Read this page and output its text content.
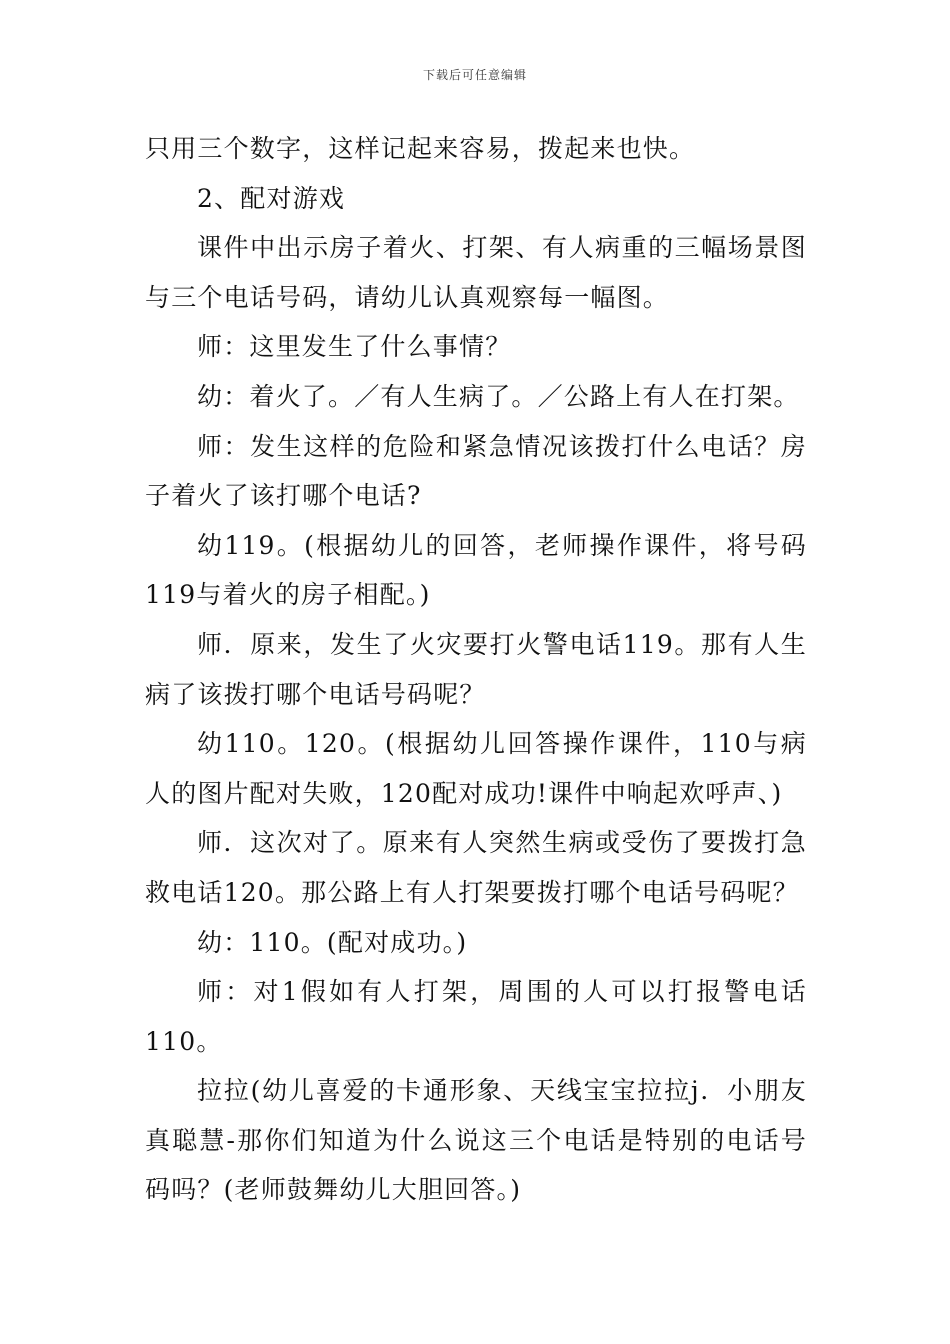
下载后可任意编辑

只用三个数字，这样记起来容易，拨起来也快。

2、配对游戏

课件中出示房子着火、打架、有人病重的三幅场景图与三个电话号码，请幼儿认真观察每一幅图。

师：这里发生了什么事情？

幼：着火了。／有人生病了。／公路上有人在打架。

师：发生这样的危险和紧急情况该拨打什么电话？房子着火了该打哪个电话?

幼119。(根据幼儿的回答，老师操作课件，将号码119与着火的房子相配。)

师．原来，发生了火灾要打火警电话119。那有人生病了该拨打哪个电话号码呢？

幼110。120。(根据幼儿回答操作课件，110与病人的图片配对失败，120配对成功!课件中响起欢呼声、)

师．这次对了。原来有人突然生病或受伤了要拨打急救电话120。那公路上有人打架要拨打哪个电话号码呢？

幼：110。(配对成功。)

师：对1假如有人打架，周围的人可以打报警电话110。

拉拉(幼儿喜爱的卡通形象、天线宝宝拉拉j．小朋友真聪慧-那你们知道为什么说这三个电话是特别的电话号码吗？(老师鼓舞幼儿大胆回答。)
